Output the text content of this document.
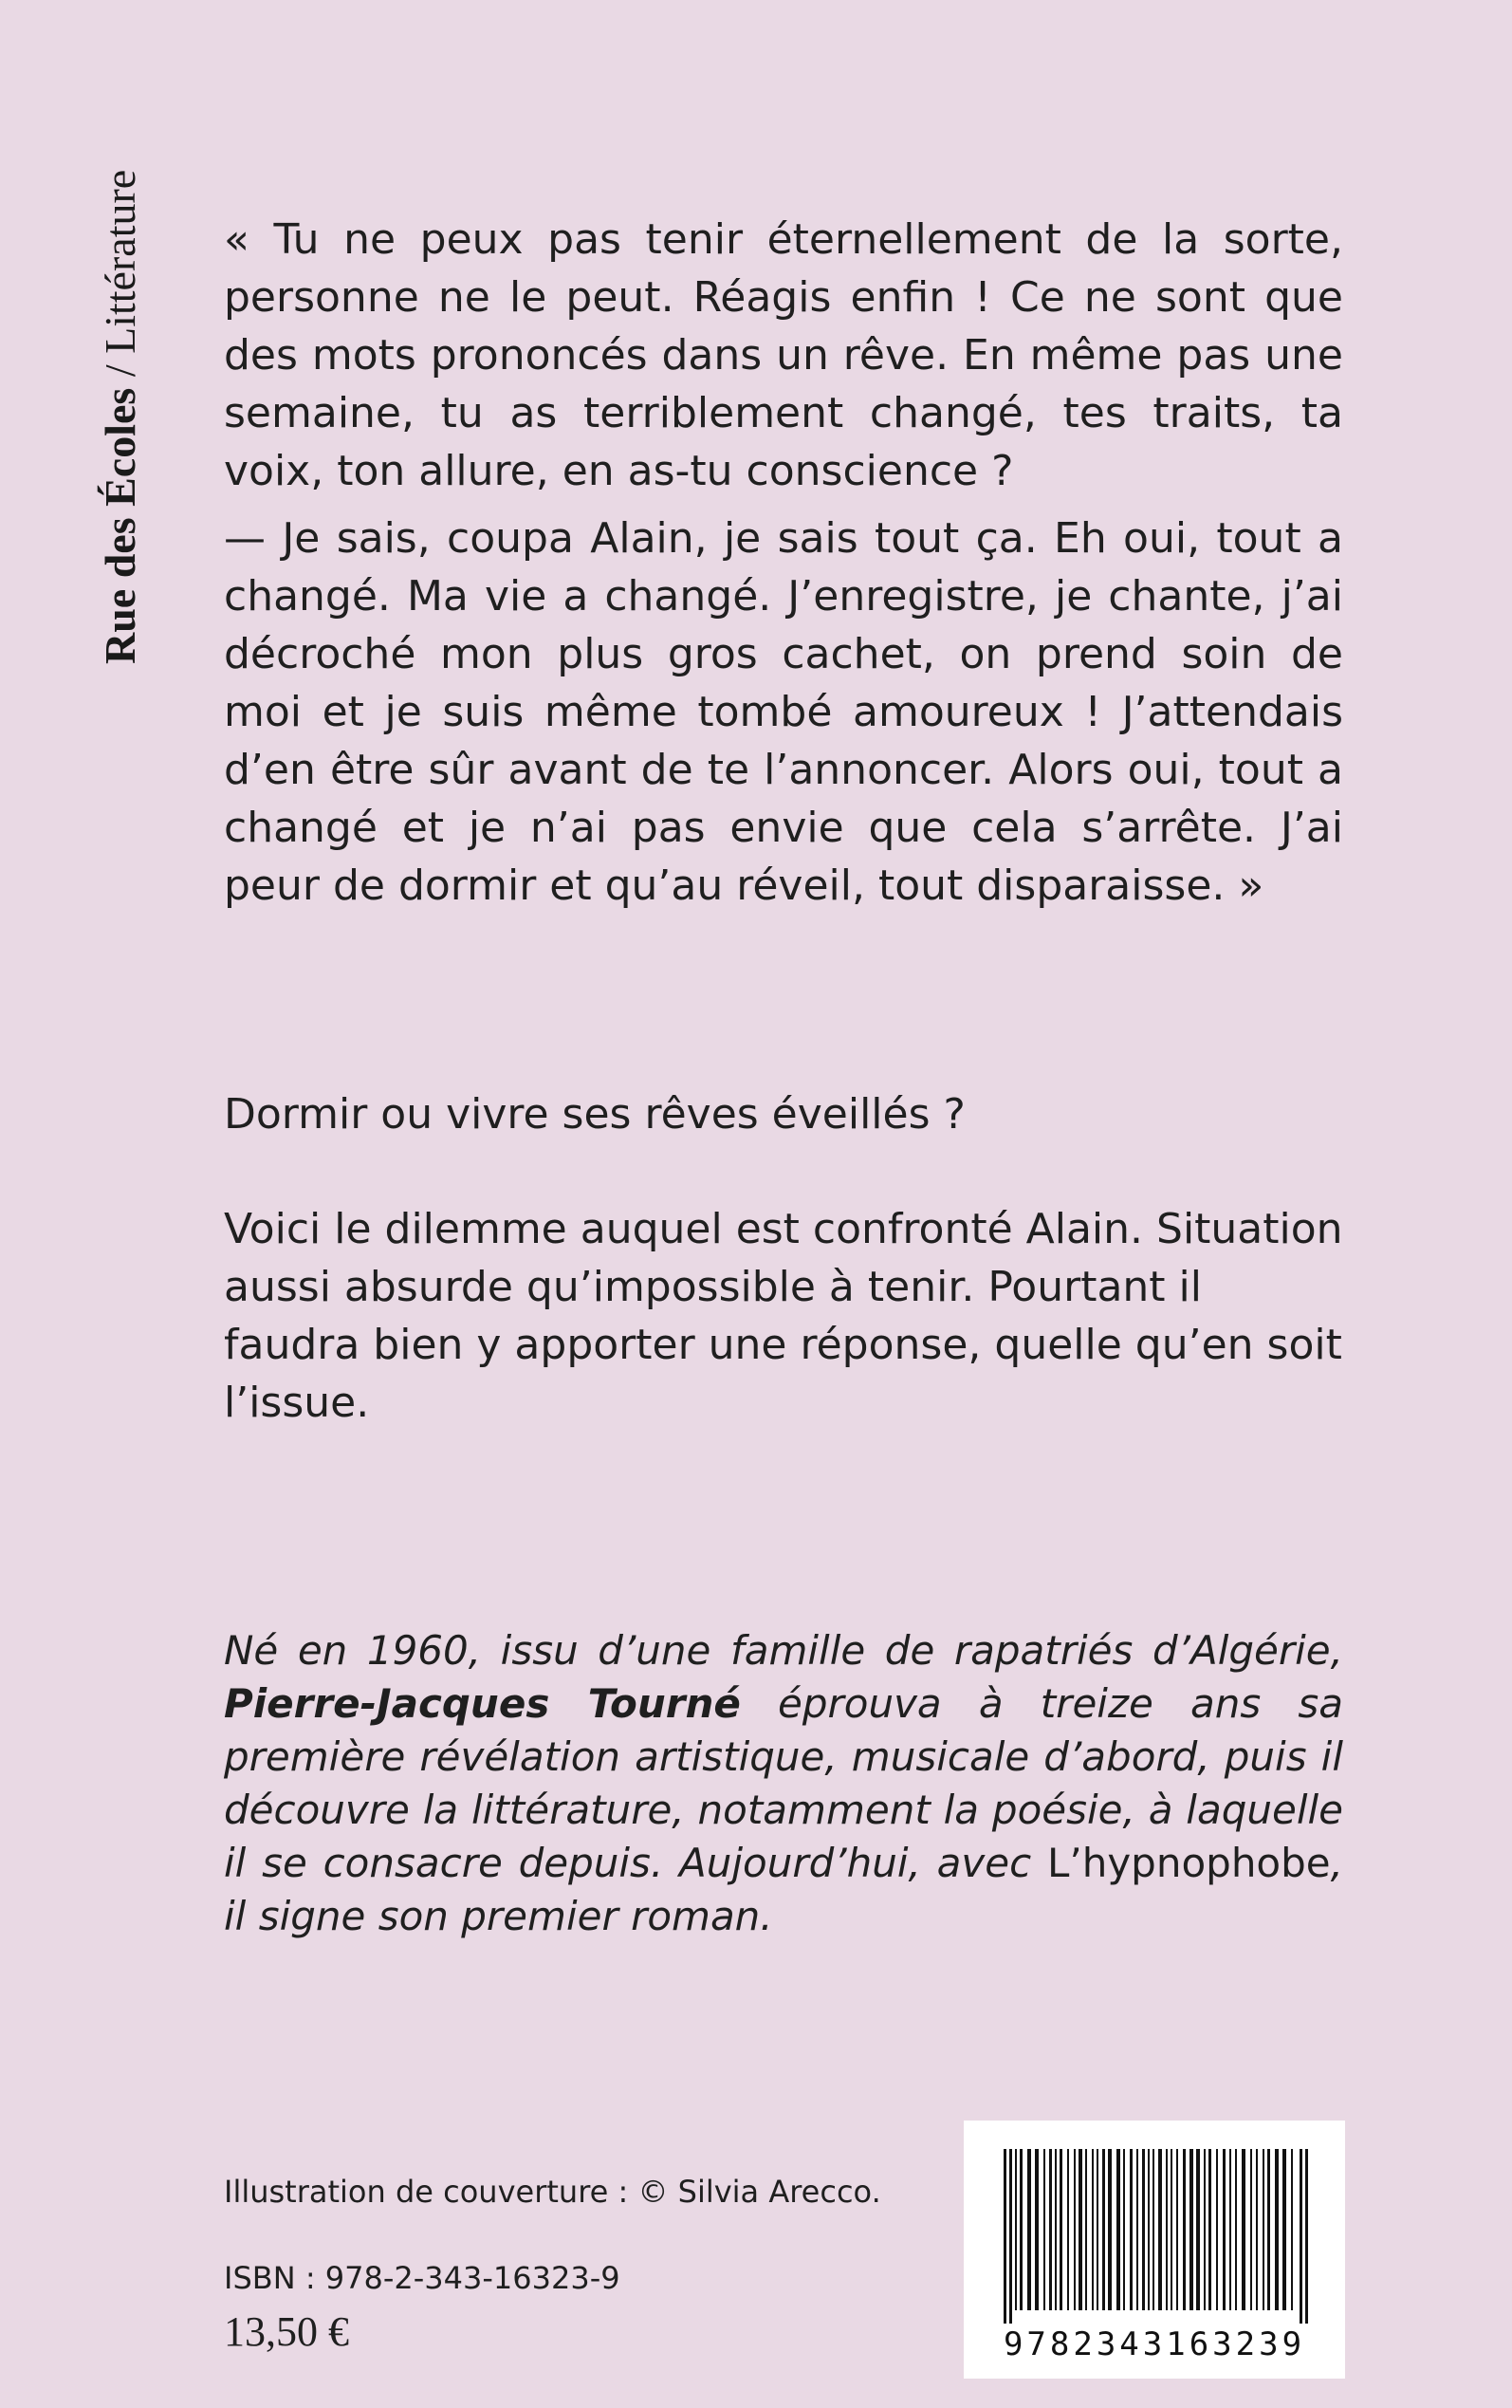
Rue des Écoles / Littérature « Tu ne peux pas tenir éternellement de la sorte, personne ne le peut. Réagis enfin ! Ce ne sont que des mots prononcés dans un rêve. En même pas une semaine, tu as terriblement changé, tes traits, ta voix, ton allure, en as-tu conscience ?

— Je sais, coupa Alain, je sais tout ça. Eh oui, tout a changé. Ma vie a changé. J’enregistre, je chante, j’ai décroché mon plus gros cachet, on prend soin de moi et je suis même tombé amoureux ! J’attendais d’en être sûr avant de te l’annoncer. Alors oui, tout a changé et je n’ai pas envie que cela s’arrête. J’ai peur de dormir et qu’au réveil, tout disparaisse. »

Dormir ou vivre ses rêves éveillés ?

Voici le dilemme auquel est confronté Alain. Situation aussi absurde qu’impossible à tenir. Pourtant il faudra bien y apporter une réponse, quelle qu’en soit l’issue.

Né en 1960, issu d’une famille de rapatriés d’Algérie, Pierre-Jacques Tourné éprouva à treize ans sa première révélation artistique, musicale d’abord, puis il découvre la littérature, notamment la poésie, à laquelle il se consacre depuis. Aujourd’hui, avec L’hypnophobe, il signe son premier roman.

Illustration de couverture : © Silvia Arecco.
ISBN : 978-2-343-16323-9
13,50 €	9782343163239
